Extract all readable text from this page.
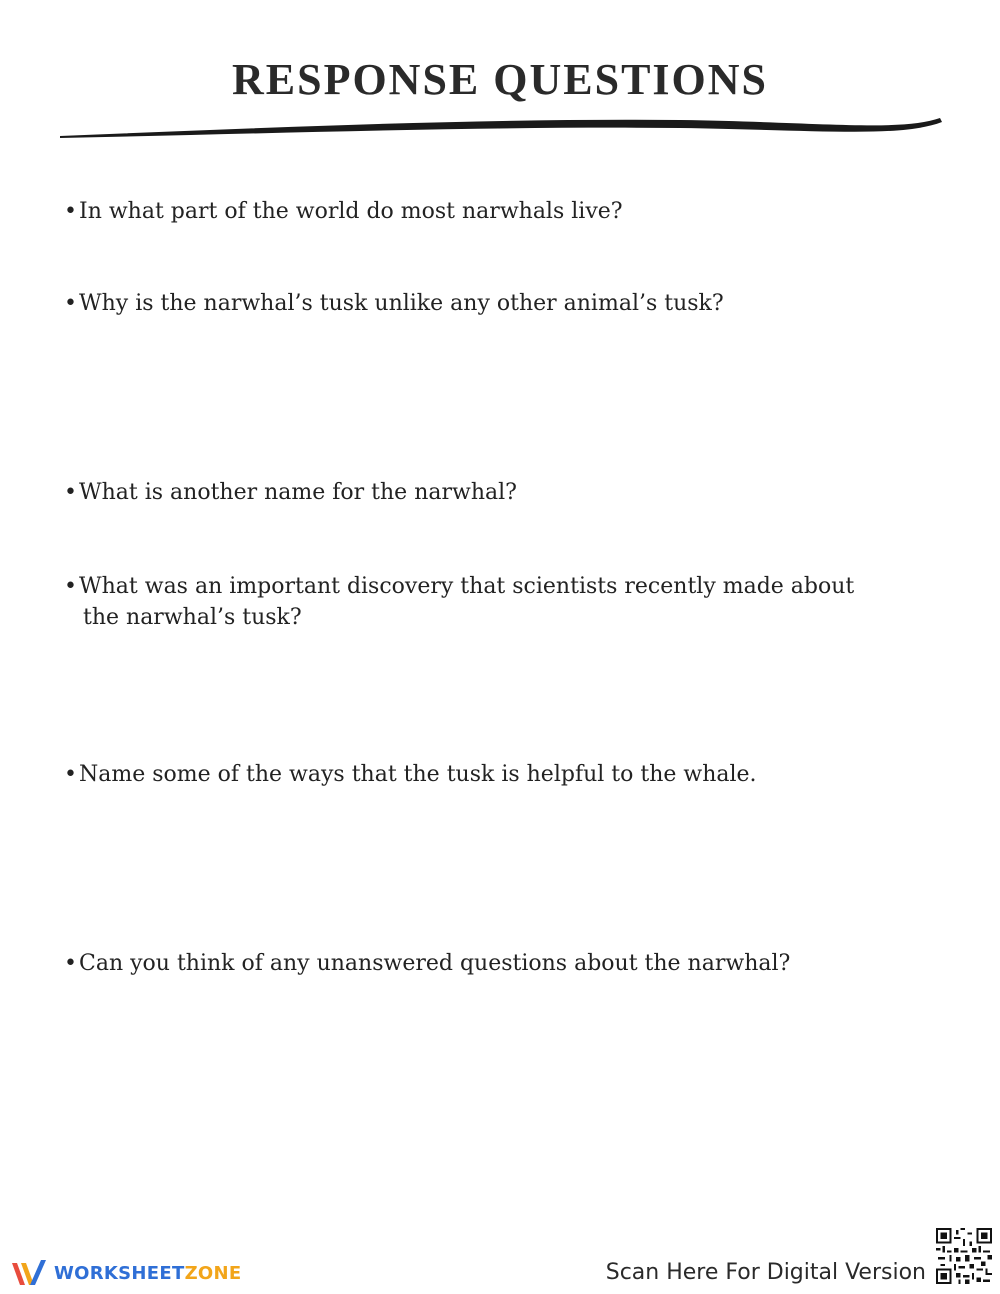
RESPONSE QUESTIONS
•In what part of the world do most narwhals live?
•Why is the narwhal’s tusk unlike any other animal’s tusk?
•What is another name for the narwhal?
•What was an important discovery that scientists recently made about
the narwhal’s tusk?
•Name some of the ways that the tusk is helpful to the whale.
•Can you think of any unanswered questions about the narwhal?
WORKSHEETZONE	Scan Here For Digital Version
